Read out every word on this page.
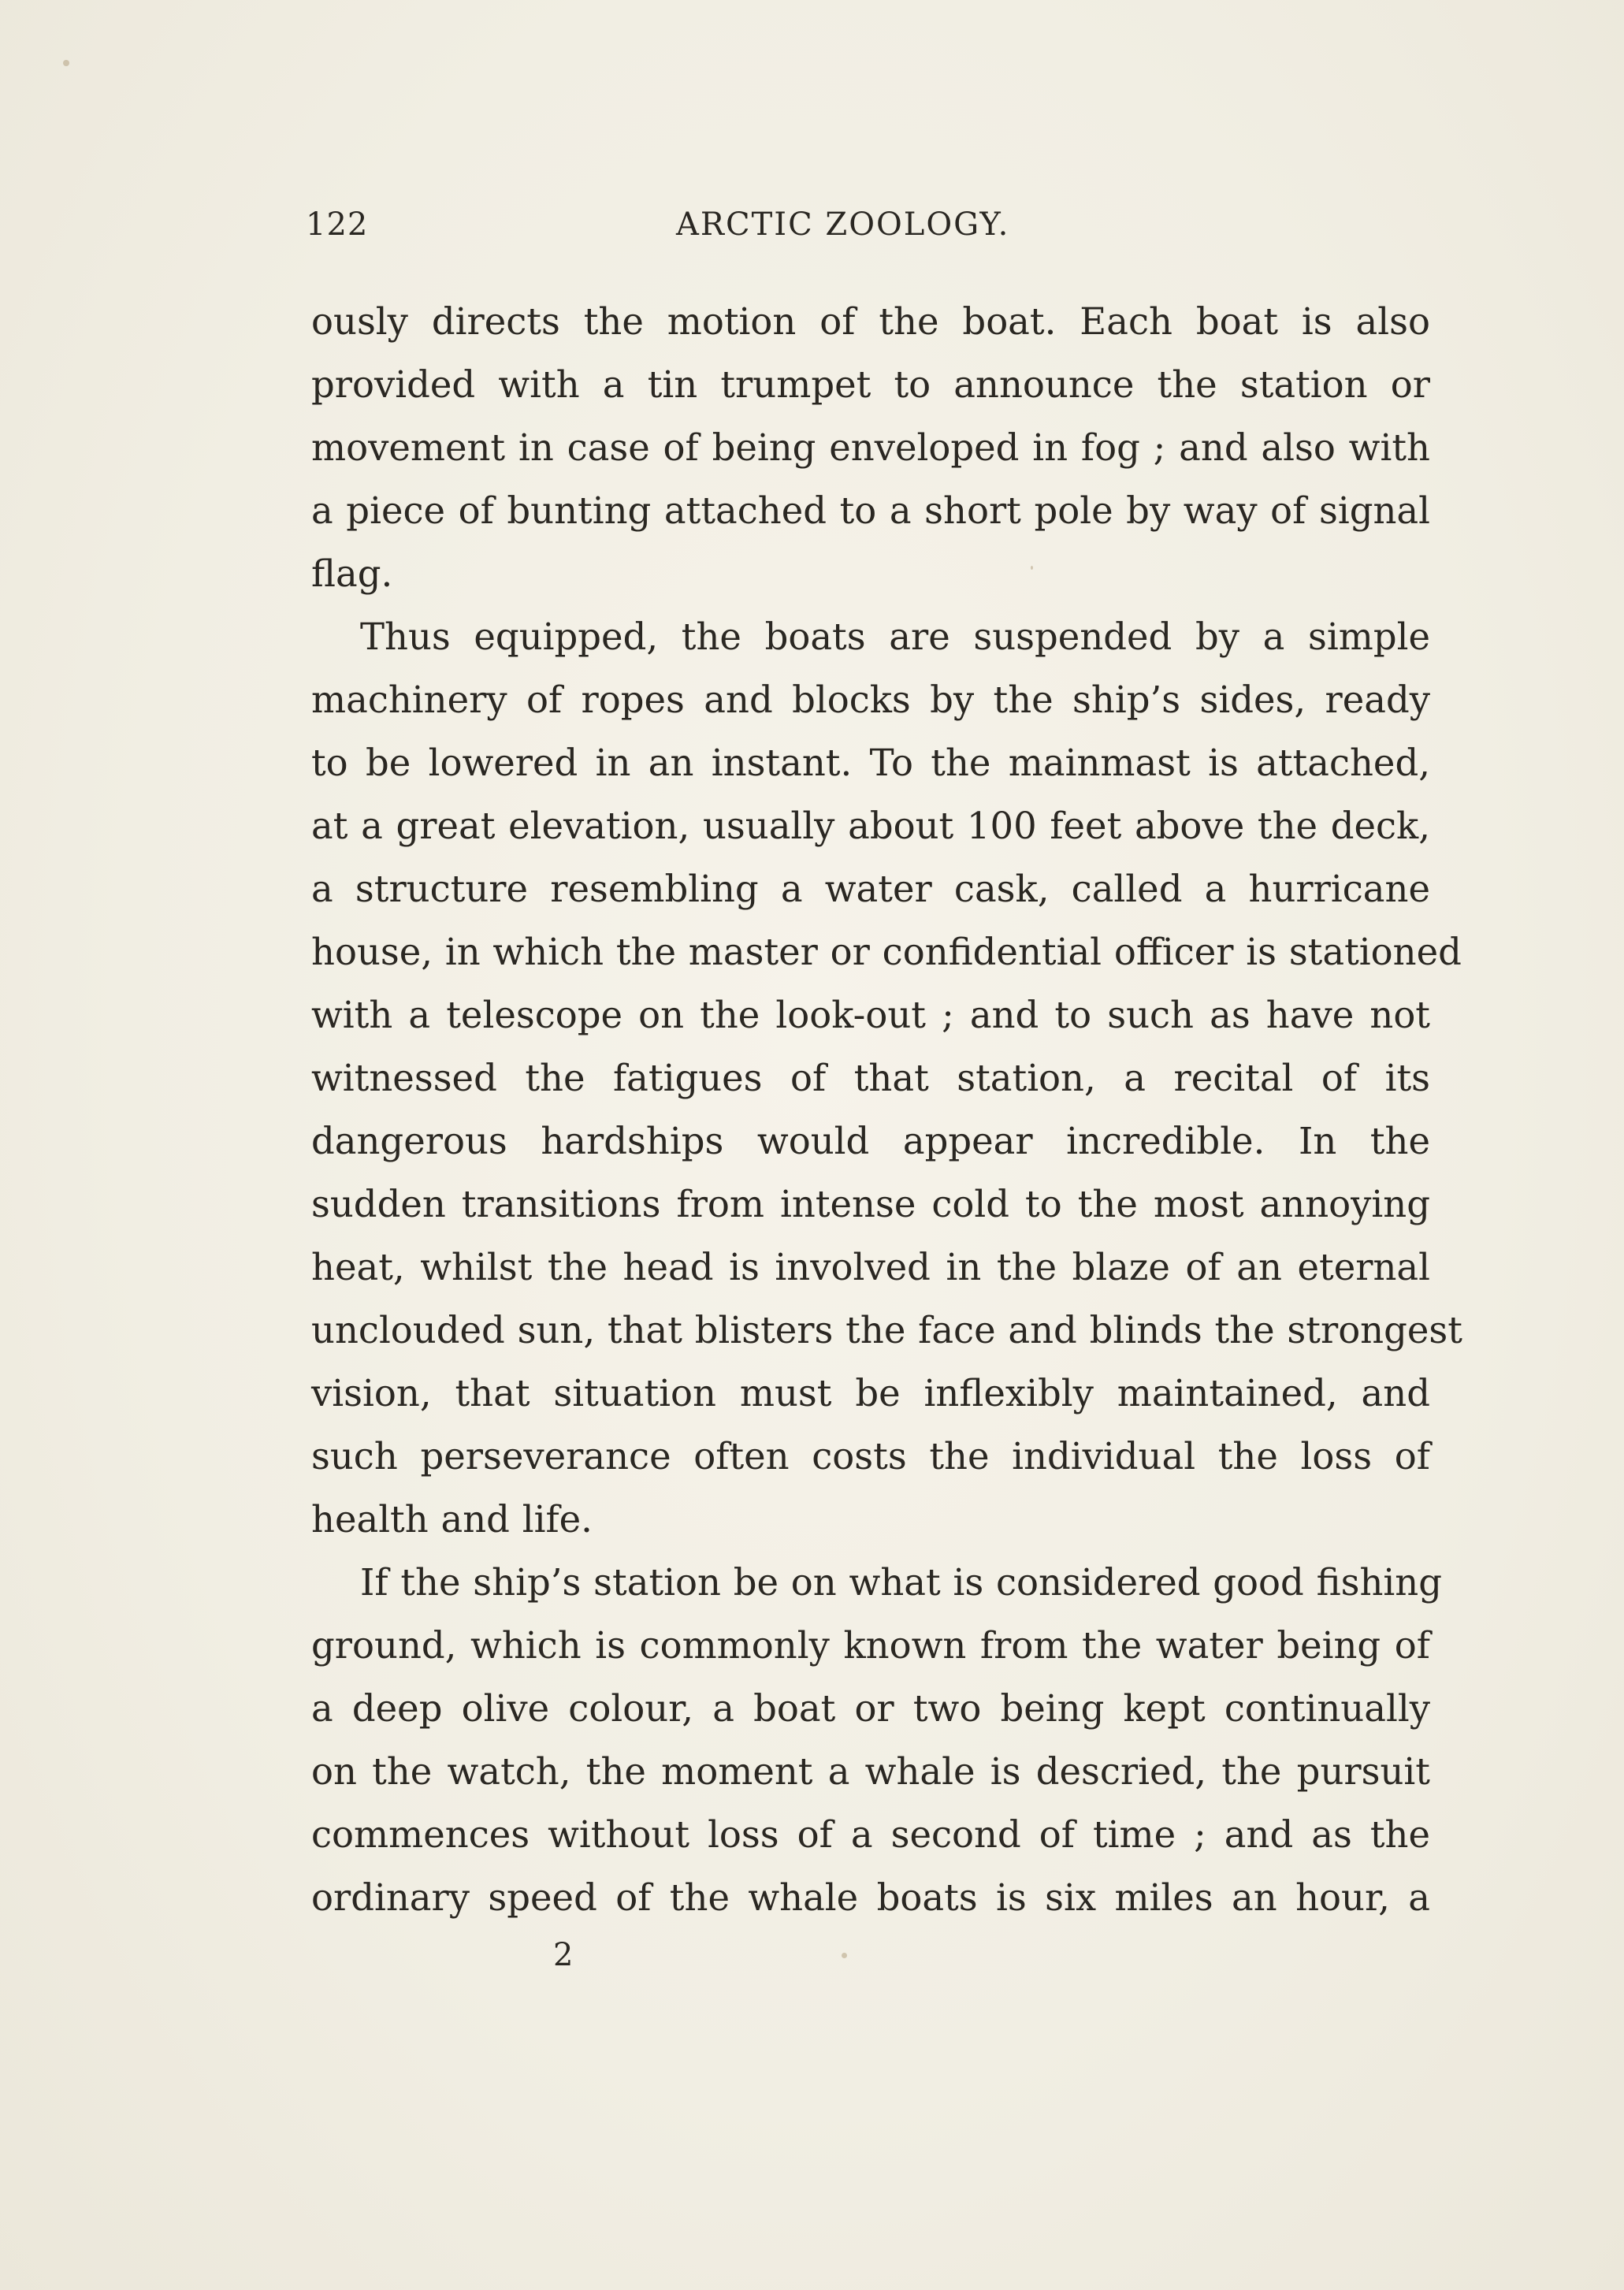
122	ARCTIC ZOOLOGY.
ously directs the motion of the boat. Each boat is also
provided with a tin trumpet to announce the station or
movement in case of being enveloped in fog ; and also with
a piece of bunting attached to a short pole by way of signal
flag.
Thus equipped, the boats are suspended by a simple
machinery of ropes and blocks by the ship’s sides, ready
to be lowered in an instant. To the mainmast is attached,
at a great elevation, usually about 100 feet above the deck,
a structure resembling a water cask, called a hurricane
house, in which the master or confidential officer is stationed
with a telescope on the look-out ; and to such as have not
witnessed the fatigues of that station, a recital of its
dangerous hardships would appear incredible. In the
sudden transitions from intense cold to the most annoying
heat, whilst the head is involved in the blaze of an eternal
unclouded sun, that blisters the face and blinds the strongest
vision, that situation must be inflexibly maintained, and
such perseverance often costs the individual the loss of
health and life.
If the ship’s station be on what is considered good fishing
ground, which is commonly known from the water being of
a deep olive colour, a boat or two being kept continually
on the watch, the moment a whale is descried, the pursuit
commences without loss of a second of time ; and as the
ordinary speed of the whale boats is six miles an hour, a
2
